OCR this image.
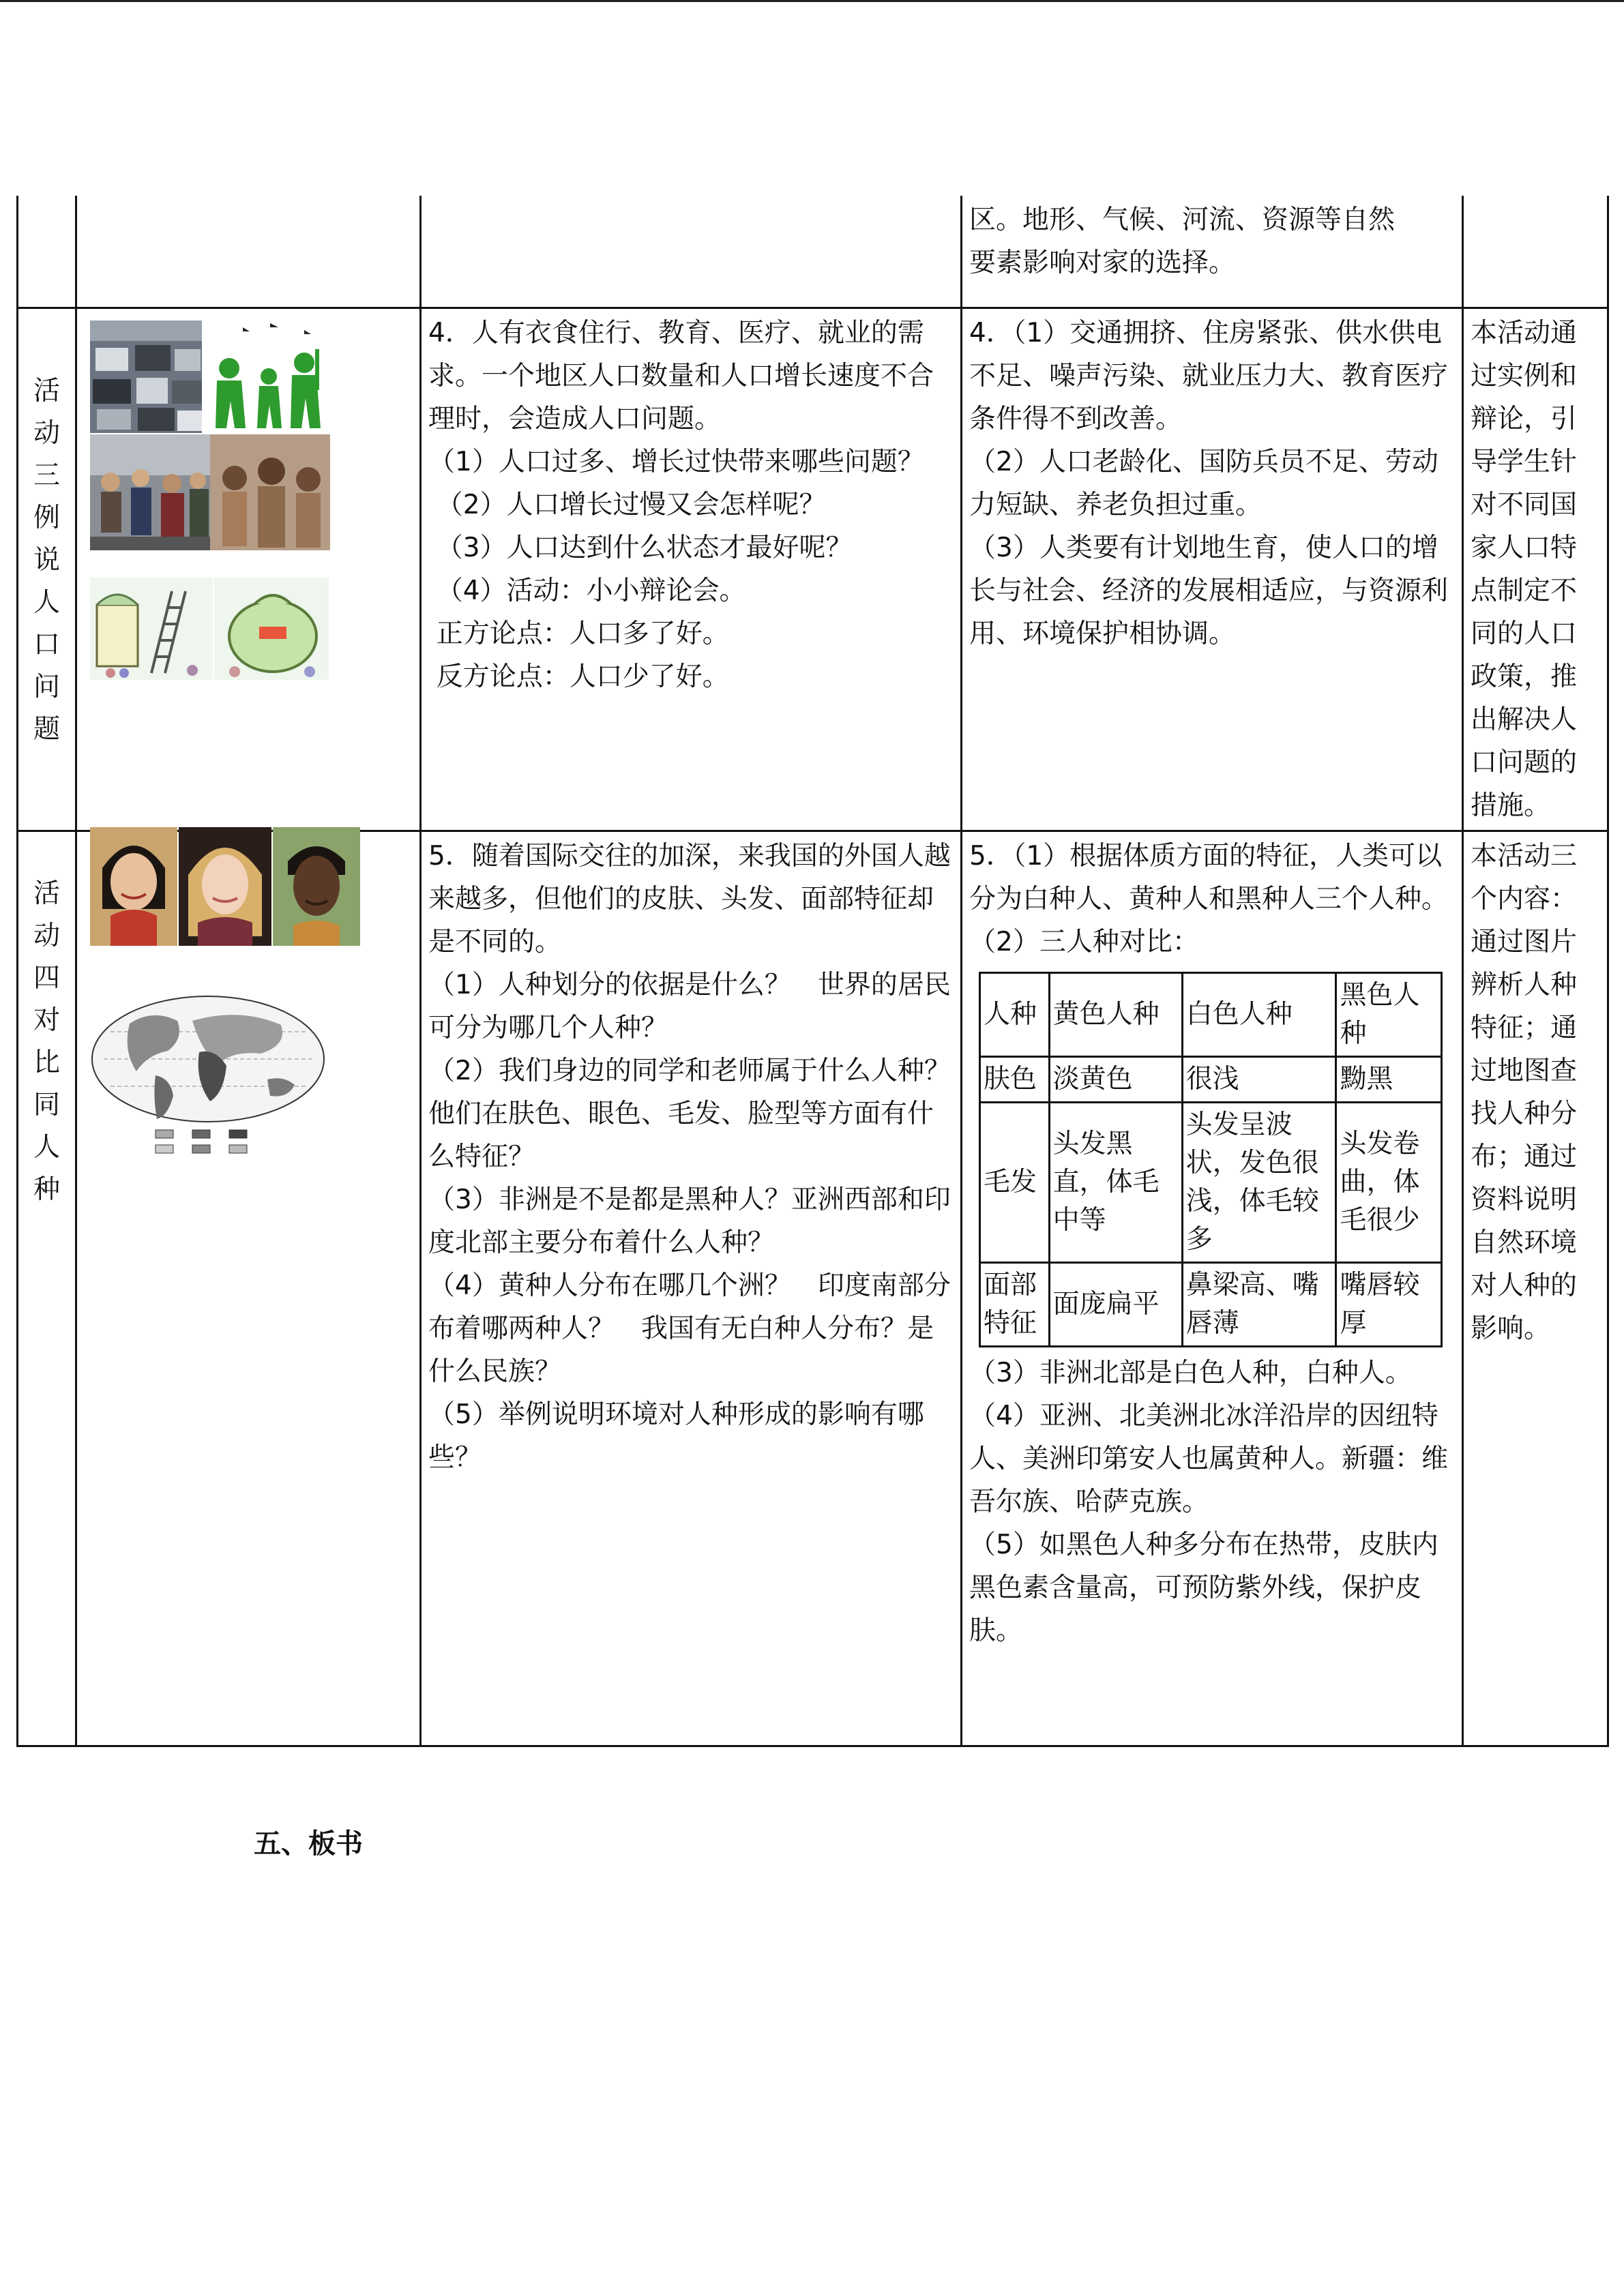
区。地形、气候、河流、资源等自然
要素影响对家的选择。

活
动
三
例
说
人
口
问
题

4．人有衣食住行、教育、医疗、就业的需求。一个地区人口数量和人口增长速度不合理时，会造成人口问题。
（1）人口过多、增长过快带来哪些问题？
（2）人口增长过慢又会怎样呢？
（3）人口达到什么状态才最好呢？
（4）活动：小小辩论会。
正方论点：人口多了好。
反方论点：人口少了好。

4．（1）交通拥挤、住房紧张、供水供电不足、噪声污染、就业压力大、教育医疗条件得不到改善。
（2）人口老龄化、国防兵员不足、劳动力短缺、养老负担过重。
（3）人类要有计划地生育，使人口的增长与社会、经济的发展相适应，与资源利用、环境保护相协调。

本活动通过实例和辩论，引导学生针对不同国家人口特点制定不同的人口政策，推出解决人口问题的措施。

活
动
四
对
比
同
人
种

5．随着国际交往的加深，来我国的外国人越来越多，但他们的皮肤、头发、面部特征却是不同的。
（1）人种划分的依据是什么？　世界的居民可分为哪几个人种？
（2）我们身边的同学和老师属于什么人种？他们在肤色、眼色、毛发、脸型等方面有什么特征？
（3）非洲是不是都是黑种人？亚洲西部和印度北部主要分布着什么人种？
（4）黄种人分布在哪几个洲？　印度南部分布着哪两种人？　我国有无白种人分布？是什么民族？
（5）举例说明环境对人种形成的影响有哪些？

5．（1）根据体质方面的特征，人类可以分为白种人、黄种人和黑种人三个人种。
（2）三人种对比：
人种	黄色人种	白色人种	黑色人种
肤色	淡黄色	很浅	黝黑
毛发	头发黑直，体毛中等	头发呈波状，发色很浅，体毛较多	头发卷曲，体毛很少
面部特征	面庞扁平	鼻梁高、嘴唇薄	嘴唇较厚
（3）非洲北部是白色人种，白种人。
（4）亚洲、北美洲北冰洋沿岸的因纽特人、美洲印第安人也属黄种人。新疆：维吾尔族、哈萨克族。
（5）如黑色人种多分布在热带，皮肤内黑色素含量高，可预防紫外线，保护皮肤。

本活动三个内容：通过图片辨析人种特征；通过地图查找人种分布；通过资料说明自然环境对人种的影响。
五、板书
